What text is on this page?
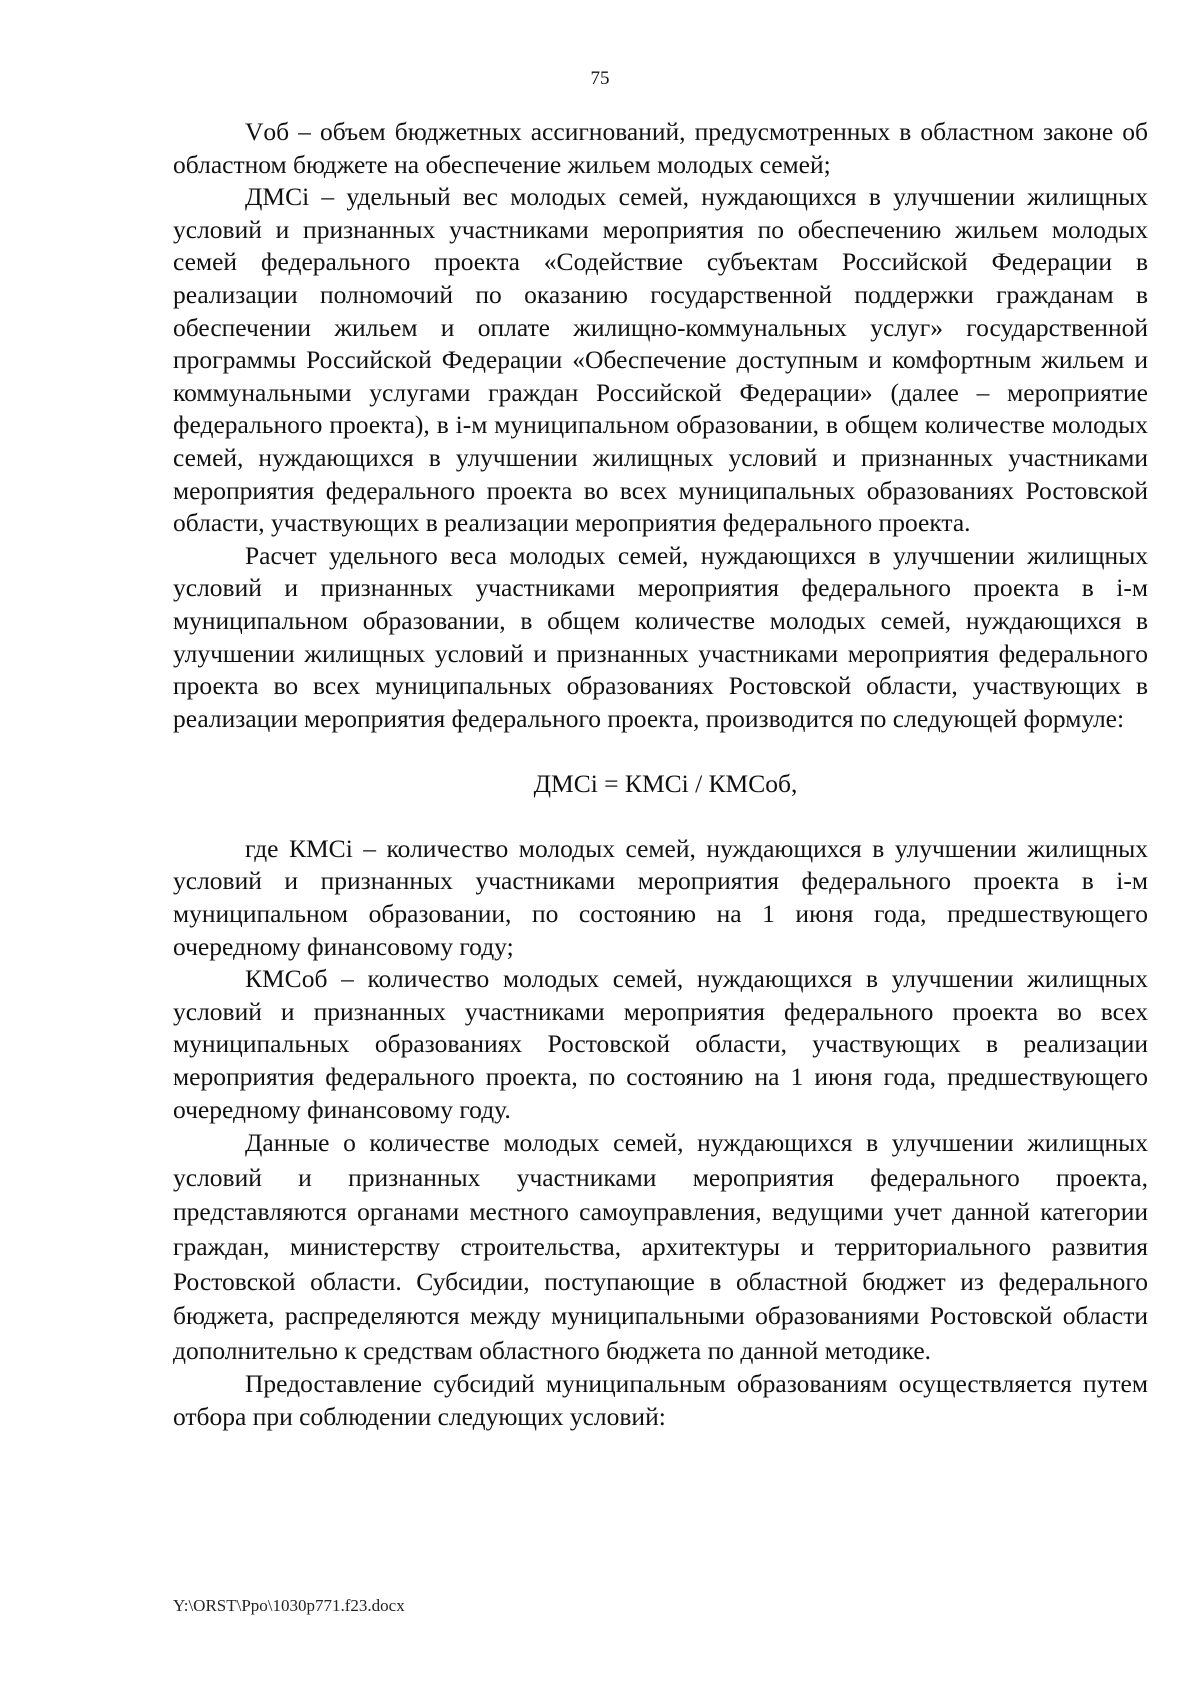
75

Vоб – объем бюджетных ассигнований, предусмотренных в областном законе об областном бюджете на обеспечение жильем молодых семей;

ДМСi – удельный вес молодых семей, нуждающихся в улучшении жилищных условий и признанных участниками мероприятия по обеспечению жильем молодых семей федерального проекта «Содействие субъектам Российской Федерации в реализации полномочий по оказанию государственной поддержки гражданам в обеспечении жильем и оплате жилищно-коммунальных услуг» государственной программы Российской Федерации «Обеспечение доступным и комфортным жильем и коммунальными услугами граждан Российской Федерации» (далее – мероприятие федерального проекта), в i-м муниципальном образовании, в общем количестве молодых семей, нуждающихся в улучшении жилищных условий и признанных участниками мероприятия федерального проекта во всех муниципальных образованиях Ростовской области, участвующих в реализации мероприятия федерального проекта.

Расчет удельного веса молодых семей, нуждающихся в улучшении жилищных условий и признанных участниками мероприятия федерального проекта в i-м муниципальном образовании, в общем количестве молодых семей, нуждающихся в улучшении жилищных условий и признанных участниками мероприятия федерального проекта во всех муниципальных образованиях Ростовской области, участвующих в реализации мероприятия федерального проекта, производится по следующей формуле:

ДМСi = КМСi / КМСоб,

где КМСi – количество молодых семей, нуждающихся в улучшении жилищных условий и признанных участниками мероприятия федерального проекта в i-м муниципальном образовании, по состоянию на 1 июня года, предшествующего очередному финансовому году;

КМСоб – количество молодых семей, нуждающихся в улучшении жилищных условий и признанных участниками мероприятия федерального проекта во всех муниципальных образованиях Ростовской области, участвующих в реализации мероприятия федерального проекта, по состоянию на 1 июня года, предшествующего очередному финансовому году.

Данные о количестве молодых семей, нуждающихся в улучшении жилищных условий и признанных участниками мероприятия федерального проекта, представляются органами местного самоуправления, ведущими учет данной категории граждан, министерству строительства, архитектуры и территориального развития Ростовской области. Субсидии, поступающие в областной бюджет из федерального бюджета, распределяются между муниципальными образованиями Ростовской области дополнительно к средствам областного бюджета по данной методике.

Предоставление субсидий муниципальным образованиям осуществляется путем отбора при соблюдении следующих условий:

Y:\ORST\Ppo\1030p771.f23.docx
